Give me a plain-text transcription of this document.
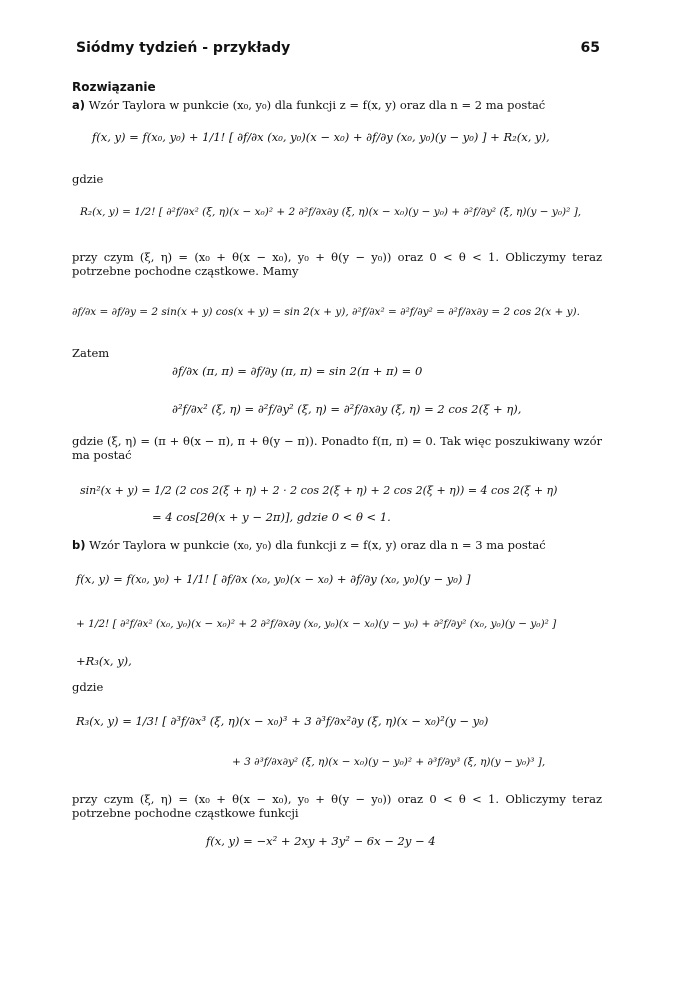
Siódmy tydzień - przykłady	65
Rozwiązanie
a) Wzór Taylora w punkcie (x₀, y₀) dla funkcji z = f(x, y) oraz dla n = 2 ma postać
f(x, y) = f(x₀, y₀) + 1/1! [ ∂f/∂x (x₀, y₀)(x − x₀) + ∂f/∂y (x₀, y₀)(y − y₀) ] + R₂(x, y),
gdzie
R₂(x, y) = 1/2! [ ∂²f/∂x² (ξ, η)(x − x₀)² + 2 ∂²f/∂x∂y (ξ, η)(x − x₀)(y − y₀) + ∂²f/∂y² (ξ, η)(y − y₀)² ],
przy czym (ξ, η) = (x₀ + θ(x − x₀), y₀ + θ(y − y₀)) oraz 0 < θ < 1. Obliczymy teraz potrzebne pochodne cząstkowe. Mamy
∂f/∂x = ∂f/∂y = 2 sin(x + y) cos(x + y) = sin 2(x + y), ∂²f/∂x² = ∂²f/∂y² = ∂²f/∂x∂y = 2 cos 2(x + y).
Zatem
∂f/∂x (π, π) = ∂f/∂y (π, π) = sin 2(π + π) = 0
∂²f/∂x² (ξ, η) = ∂²f/∂y² (ξ, η) = ∂²f/∂x∂y (ξ, η) = 2 cos 2(ξ + η),
gdzie (ξ, η) = (π + θ(x − π), π + θ(y − π)). Ponadto f(π, π) = 0. Tak więc poszukiwany wzór ma postać
sin²(x + y) = 1/2 (2 cos 2(ξ + η) + 2 · 2 cos 2(ξ + η) + 2 cos 2(ξ + η)) = 4 cos 2(ξ + η)
= 4 cos[2θ(x + y − 2π)], gdzie 0 < θ < 1.
b) Wzór Taylora w punkcie (x₀, y₀) dla funkcji z = f(x, y) oraz dla n = 3 ma postać
f(x, y) = f(x₀, y₀) + 1/1! [ ∂f/∂x (x₀, y₀)(x − x₀) + ∂f/∂y (x₀, y₀)(y − y₀) ]
+ 1/2! [ ∂²f/∂x² (x₀, y₀)(x − x₀)² + 2 ∂²f/∂x∂y (x₀, y₀)(x − x₀)(y − y₀) + ∂²f/∂y² (x₀, y₀)(y − y₀)² ]
+R₃(x, y),
gdzie
R₃(x, y) = 1/3! [ ∂³f/∂x³ (ξ, η)(x − x₀)³ + 3 ∂³f/∂x²∂y (ξ, η)(x − x₀)²(y − y₀)
+ 3 ∂³f/∂x∂y² (ξ, η)(x − x₀)(y − y₀)² + ∂³f/∂y³ (ξ, η)(y − y₀)³ ],
przy czym (ξ, η) = (x₀ + θ(x − x₀), y₀ + θ(y − y₀)) oraz 0 < θ < 1. Obliczymy teraz potrzebne pochodne cząstkowe funkcji
f(x, y) = −x² + 2xy + 3y² − 6x − 2y − 4
